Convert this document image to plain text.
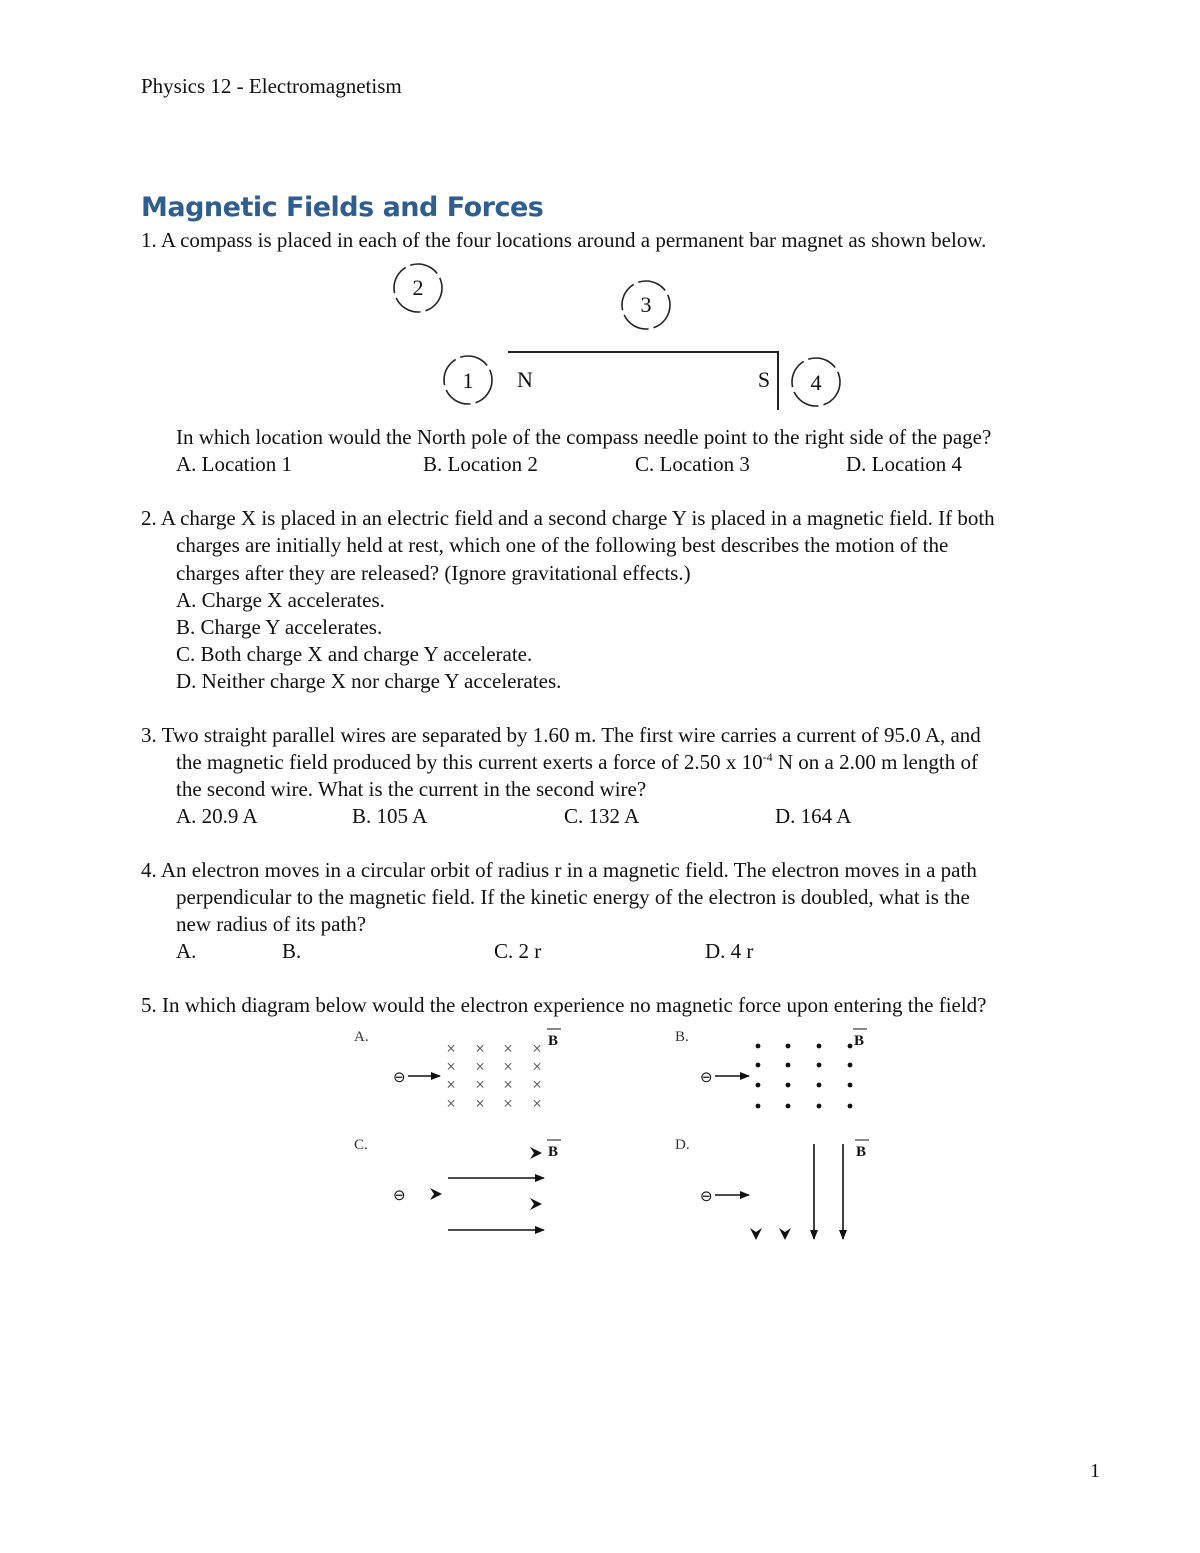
Physics 12 - Electromagnetism
Magnetic Fields and Forces
1. A compass is placed in each of the four locations around a permanent bar magnet as shown below.
2
3
1	4
N	S
In which location would the North pole of the compass needle point to the right side of the page?
A. Location 1	B. Location 2	C. Location 3	D. Location 4
2. A charge X is placed in an electric field and a second charge Y is placed in a magnetic field. If both
charges are initially held at rest, which one of the following best describes the motion of the
charges after they are released? (Ignore gravitational effects.)
A. Charge X accelerates.
B. Charge Y accelerates.
C. Both charge X and charge Y accelerate.
D. Neither charge X nor charge Y accelerates.
3. Two straight parallel wires are separated by 1.60 m. The first wire carries a current of 95.0 A, and
the magnetic field produced by this current exerts a force of 2.50 x $10^{-4}$ N on a 2.00 m length of
the second wire. What is the current in the second wire?
A. 20.9 A	B. 105 A	C. 132 A	D. 164 A
4. An electron moves in a circular orbit of radius r in a magnetic field. The electron moves in a path
perpendicular to the magnetic field. If the kinetic energy of the electron is doubled, what is the
new radius of its path?
A.	B.	C. 2 r	D. 4 r
5. In which diagram below would the electron experience no magnetic force upon entering the field?
A.	B
⊖
× × × ×
× × × ×
× × × ×
× × × ×
B.	B
⊖
C.	B
⊖
D.	B
⊖
1
